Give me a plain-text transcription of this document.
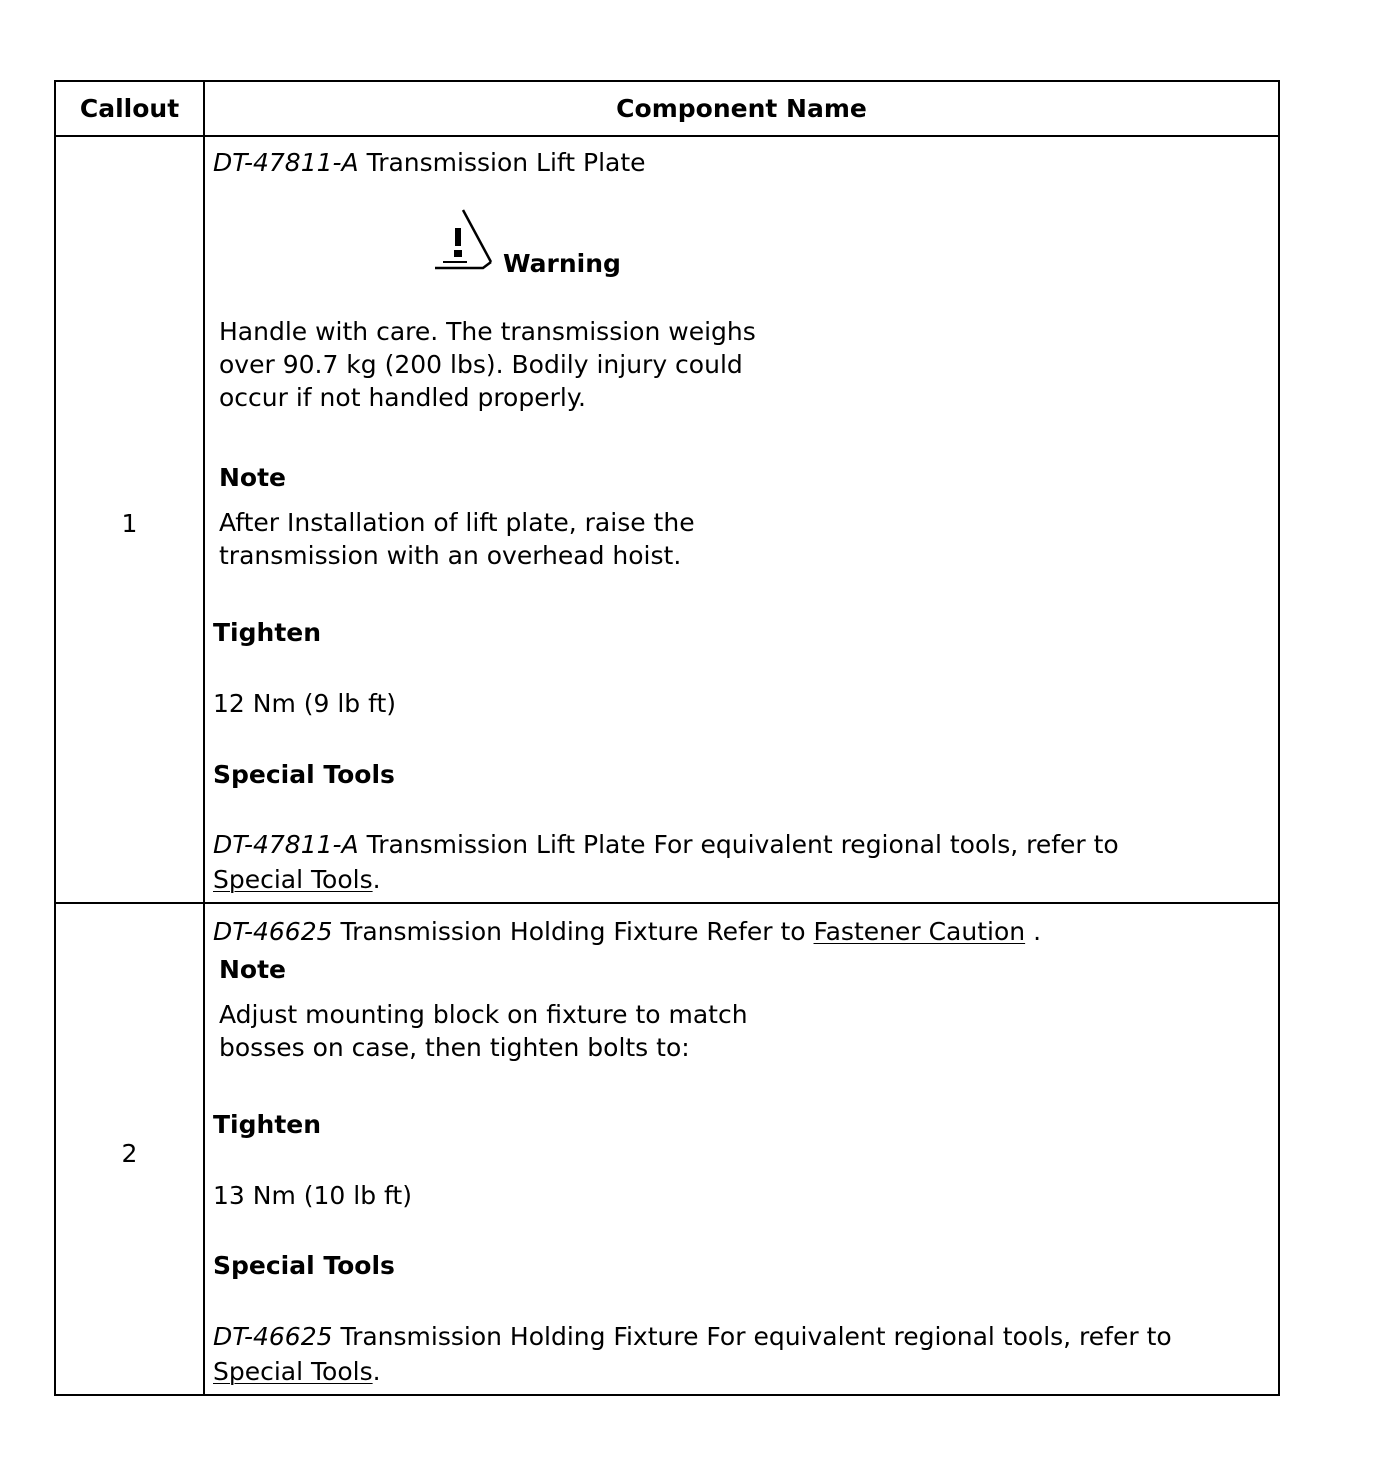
Callout	Component Name
1
DT-47811-A Transmission Lift Plate
Warning
Handle with care. The transmission weighs
over 90.7 kg (200 lbs). Bodily injury could
occur if not handled properly.
Note
After Installation of lift plate, raise the
transmission with an overhead hoist.
Tighten
12 Nm (9 lb ft)
Special Tools
DT-47811-A Transmission Lift Plate For equivalent regional tools, refer to
Special Tools.
2
DT-46625 Transmission Holding Fixture Refer to Fastener Caution .
Note
Adjust mounting block on fixture to match
bosses on case, then tighten bolts to:
Tighten
13 Nm (10 lb ft)
Special Tools
DT-46625 Transmission Holding Fixture For equivalent regional tools, refer to
Special Tools.
